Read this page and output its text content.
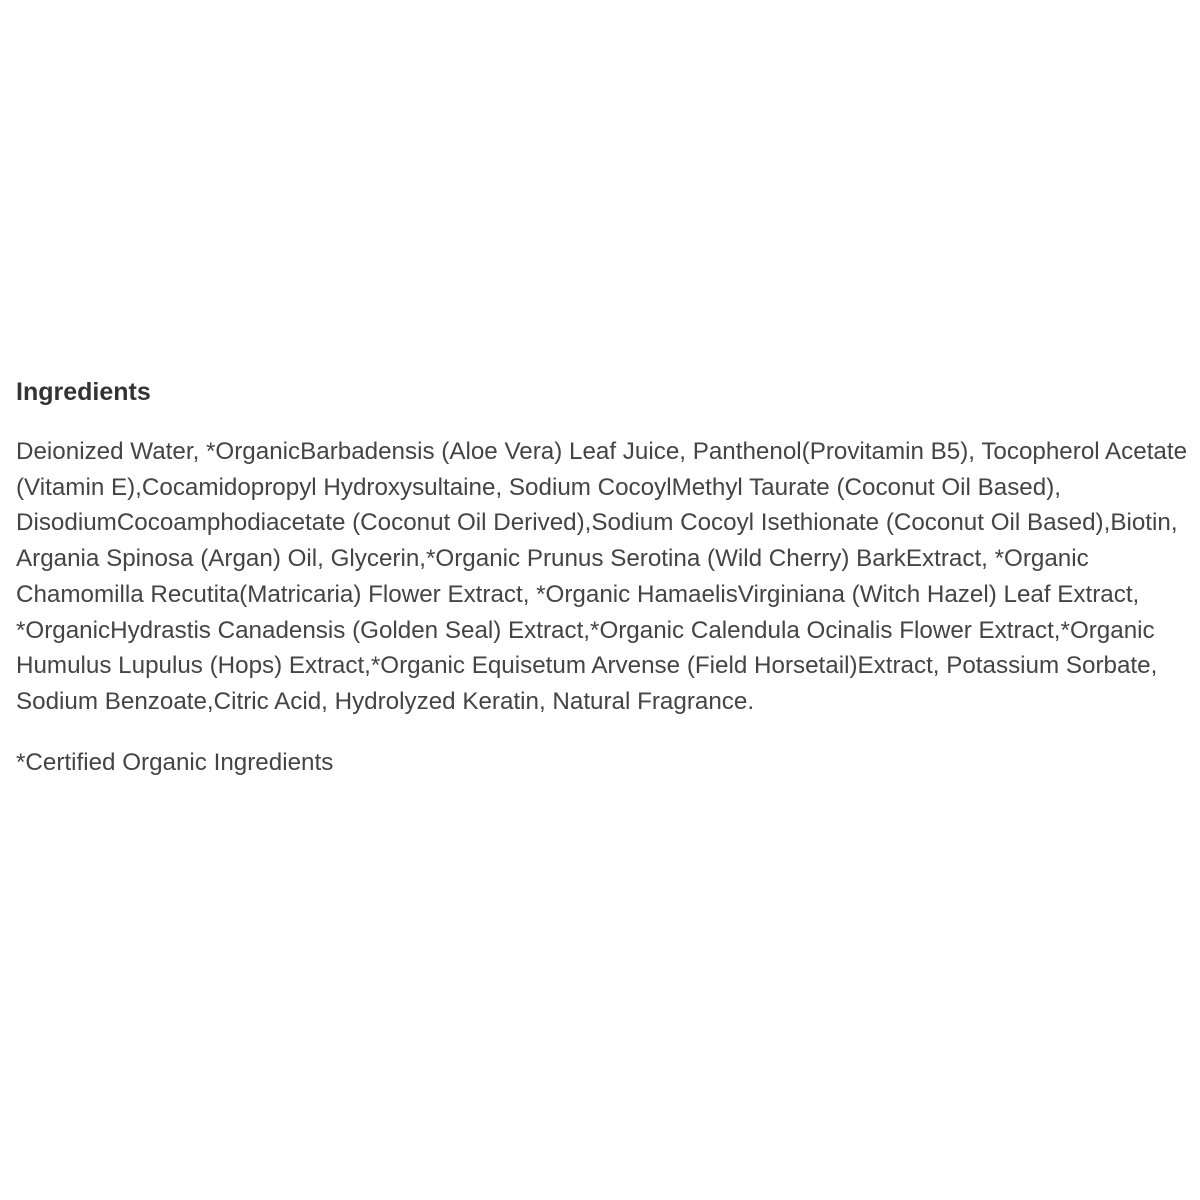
Ingredients

Deionized Water, *OrganicBarbadensis (Aloe Vera) Leaf Juice, Panthenol(Provitamin B5), Tocopherol Acetate (Vitamin E),Cocamidopropyl Hydroxysultaine, Sodium CocoylMethyl Taurate (Coconut Oil Based), DisodiumCocoamphodiacetate (Coconut Oil Derived),Sodium Cocoyl Isethionate (Coconut Oil Based),Biotin, Argania Spinosa (Argan) Oil, Glycerin,*Organic Prunus Serotina (Wild Cherry) BarkExtract, *Organic Chamomilla Recutita(Matricaria) Flower Extract, *Organic HamaelisVirginiana (Witch Hazel) Leaf Extract, *OrganicHydrastis Canadensis (Golden Seal) Extract,*Organic Calendula Ocinalis Flower Extract,*Organic Humulus Lupulus (Hops) Extract,*Organic Equisetum Arvense (Field Horsetail)Extract, Potassium Sorbate, Sodium Benzoate,Citric Acid, Hydrolyzed Keratin, Natural Fragrance.

*Certified Organic Ingredients
